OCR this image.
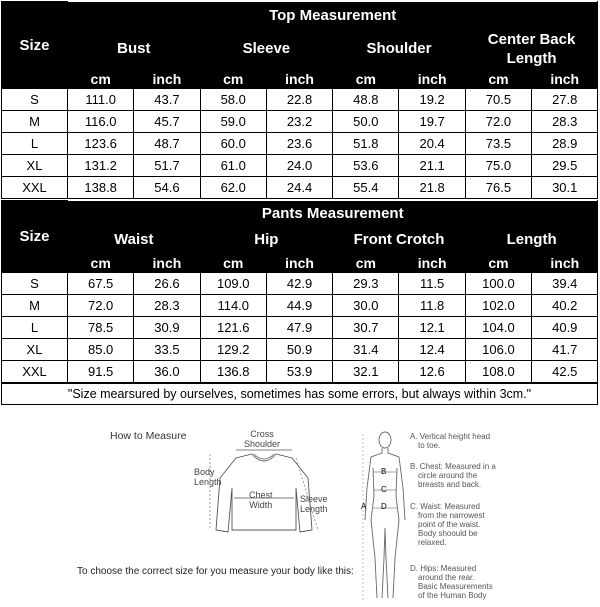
Size	Top Measurement							
	Bust		Sleeve		Shoulder		Center Back Length	
	cm	inch	cm	inch	cm	inch	cm	inch
S	111.0	43.7	58.0	22.8	48.8	19.2	70.5	27.8
M	116.0	45.7	59.0	23.2	50.0	19.7	72.0	28.3
L	123.6	48.7	60.0	23.6	51.8	20.4	73.5	28.9
XL	131.2	51.7	61.0	24.0	53.6	21.1	75.0	29.5
XXL	138.8	54.6	62.0	24.4	55.4	21.8	76.5	30.1
Size	Pants Measurement							
	Waist		Hip		Front Crotch		Length	
	cm	inch	cm	inch	cm	inch	cm	inch
S	67.5	26.6	109.0	42.9	29.3	11.5	100.0	39.4
M	72.0	28.3	114.0	44.9	30.0	11.8	102.0	40.2
L	78.5	30.9	121.6	47.9	30.7	12.1	104.0	40.9
XL	85.0	33.5	129.2	50.9	31.4	12.4	106.0	41.7
XXL	91.5	36.0	136.8	53.9	32.1	12.6	108.0	42.5
"Size mearsured by ourselves, sometimes has some errors, but always within 3cm."
How to Measure	Cross
Shoulder
Body
Length
Chest
Width
Sleeve
Length
To choose the correct size for you measure your body like this:
B
C
D
A
A. Vertical height head
to toe.
B. Chest: Measured in a
circle around the
breasts and back.
C. Waist: Measured
from the narrowest
point of the waist.
Body shoould be
relaxed.
D. Hips: Measured
around the rear.
Basic Measurements
of the Human Body
